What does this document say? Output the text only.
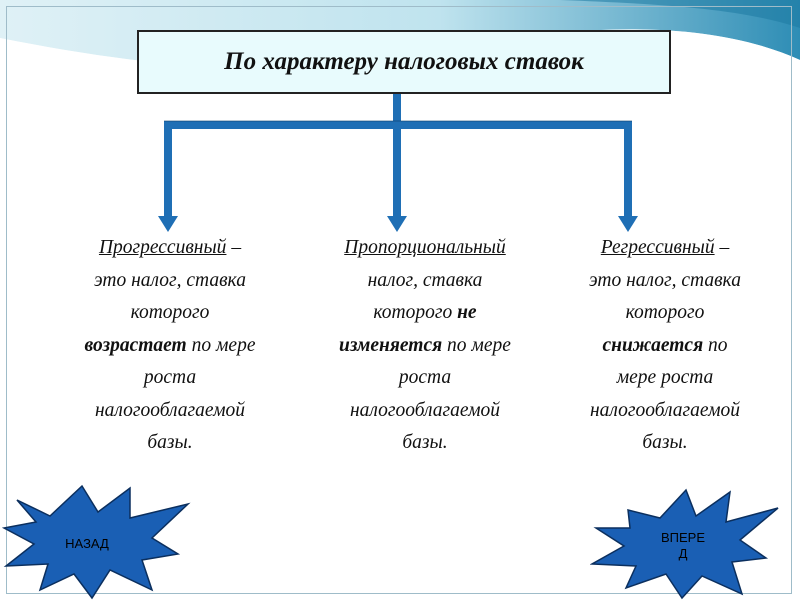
По характеру налоговых ставок
Прогрессивный –
это налог, ставка
которого
возрастает по мере
роста
налогооблагаемой
базы.
Пропорциональный
налог, ставка
которого не
изменяется по мере
роста
налогооблагаемой
базы.
Регрессивный –
это налог, ставка
которого
снижается по
мере роста
налогооблагаемой
базы.
НАЗАД	ВПЕРЕ
Д
